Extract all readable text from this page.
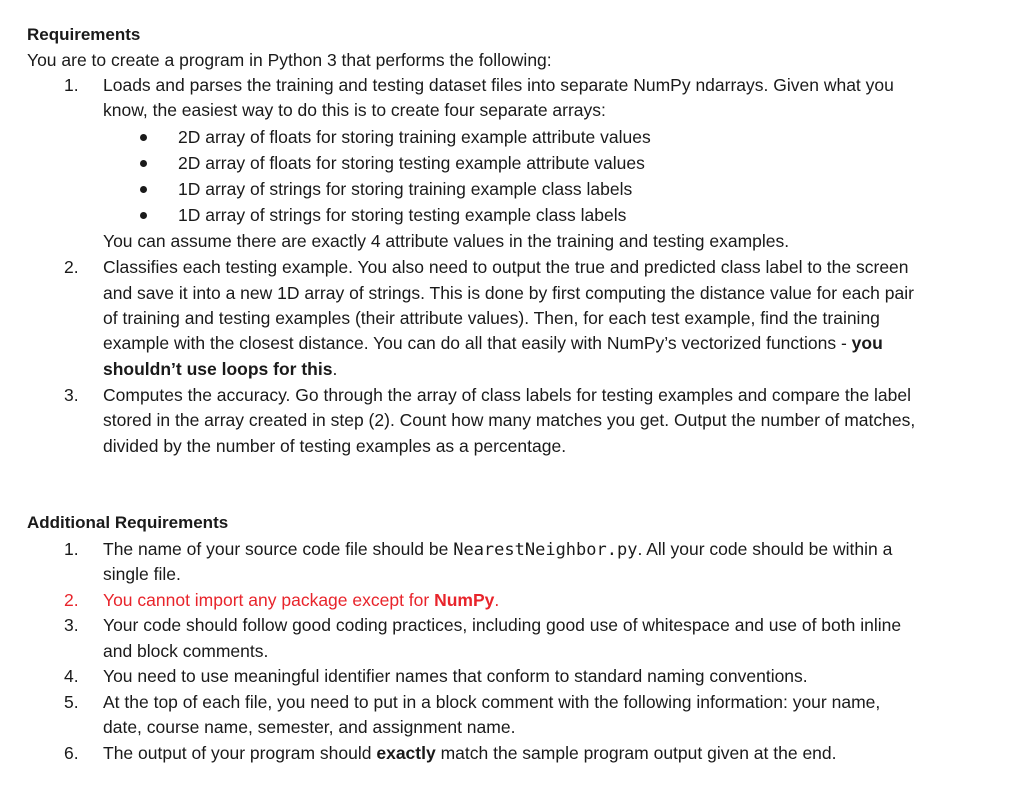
Requirements
You are to create a program in Python 3 that performs the following:
1. Loads and parses the training and testing dataset files into separate NumPy ndarrays. Given what you
know, the easiest way to do this is to create four separate arrays:
2D array of floats for storing training example attribute values
2D array of floats for storing testing example attribute values
1D array of strings for storing training example class labels
1D array of strings for storing testing example class labels
You can assume there are exactly 4 attribute values in the training and testing examples.
2. Classifies each testing example. You also need to output the true and predicted class label to the screen
and save it into a new 1D array of strings. This is done by first computing the distance value for each pair
of training and testing examples (their attribute values). Then, for each test example, find the training
example with the closest distance. You can do all that easily with NumPy’s vectorized functions - you
shouldn’t use loops for this.
3. Computes the accuracy. Go through the array of class labels for testing examples and compare the label
stored in the array created in step (2). Count how many matches you get. Output the number of matches,
divided by the number of testing examples as a percentage.
Additional Requirements
1. The name of your source code file should be NearestNeighbor.py. All your code should be within a
single file.
2. You cannot import any package except for NumPy.
3. Your code should follow good coding practices, including good use of whitespace and use of both inline
and block comments.
4. You need to use meaningful identifier names that conform to standard naming conventions.
5. At the top of each file, you need to put in a block comment with the following information: your name,
date, course name, semester, and assignment name.
6. The output of your program should exactly match the sample program output given at the end.
